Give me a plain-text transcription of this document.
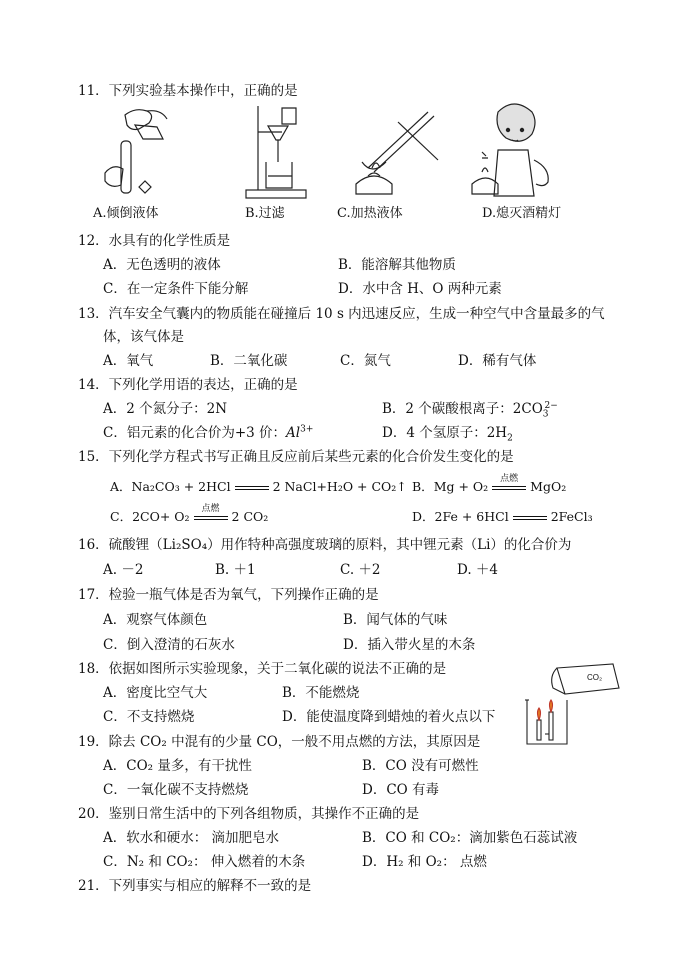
11．下列实验基本操作中，正确的是
A.倾倒液体	B.过滤	C.加热液体	D.熄灭酒精灯
12．水具有的化学性质是
A．无色透明的液体	B．能溶解其他物质
C．在一定条件下能分解	D．水中含 H、O 两种元素
13．汽车安全气囊内的物质能在碰撞后 10 s 内迅速反应，生成一种空气中含量最多的气
体，该气体是
A．氧气	B．二氧化碳	C．氮气	D．稀有气体
14．下列化学用语的表达，正确的是
A．2 个氮分子：2N	B．2 个碳酸根离子：$2CO_3^{2-}$
C．铝元素的化合价为+3 价：$Al^{3+}$	D．4 个氢原子：$2H_2$
15．下列化学方程式书写正确且反应前后某些元素的化合价发生变化的是
A．Na₂CO₃ + 2HCl	2 NaCl+H₂O + CO₂↑ B．Mg + O₂	点燃 MgO₂
C．2CO+ O₂	点燃 2 CO₂	D．2Fe + 6HCl	2FeCl₃
16．硫酸锂（Li₂SO₄）用作特种高强度玻璃的原料，其中锂元素（Li）的化合价为
A. －2	B. ＋1	C. ＋2	D. ＋4
17．检验一瓶气体是否为氧气，下列操作正确的是
A．观察气体颜色	B．闻气体的气味
C．倒入澄清的石灰水	D．插入带火星的木条
18．依据如图所示实验现象，关于二氧化碳的说法不正确的是
A．密度比空气大	B．不能燃烧
C．不支持燃烧	D．能使温度降到蜡烛的着火点以下
CO₂
19．除去 CO₂ 中混有的少量 CO，一般不用点燃的方法，其原因是
A．CO₂ 量多，有干扰性	B．CO 没有可燃性
C．一氧化碳不支持燃烧	D．CO 有毒
20．鉴别日常生活中的下列各组物质，其操作不正确的是
A．软水和硬水： 滴加肥皂水	B．CO 和 CO₂：滴加紫色石蕊试液
C．N₂ 和 CO₂： 伸入燃着的木条	D．H₂ 和 O₂： 点燃
21．下列事实与相应的解释不一致的是
